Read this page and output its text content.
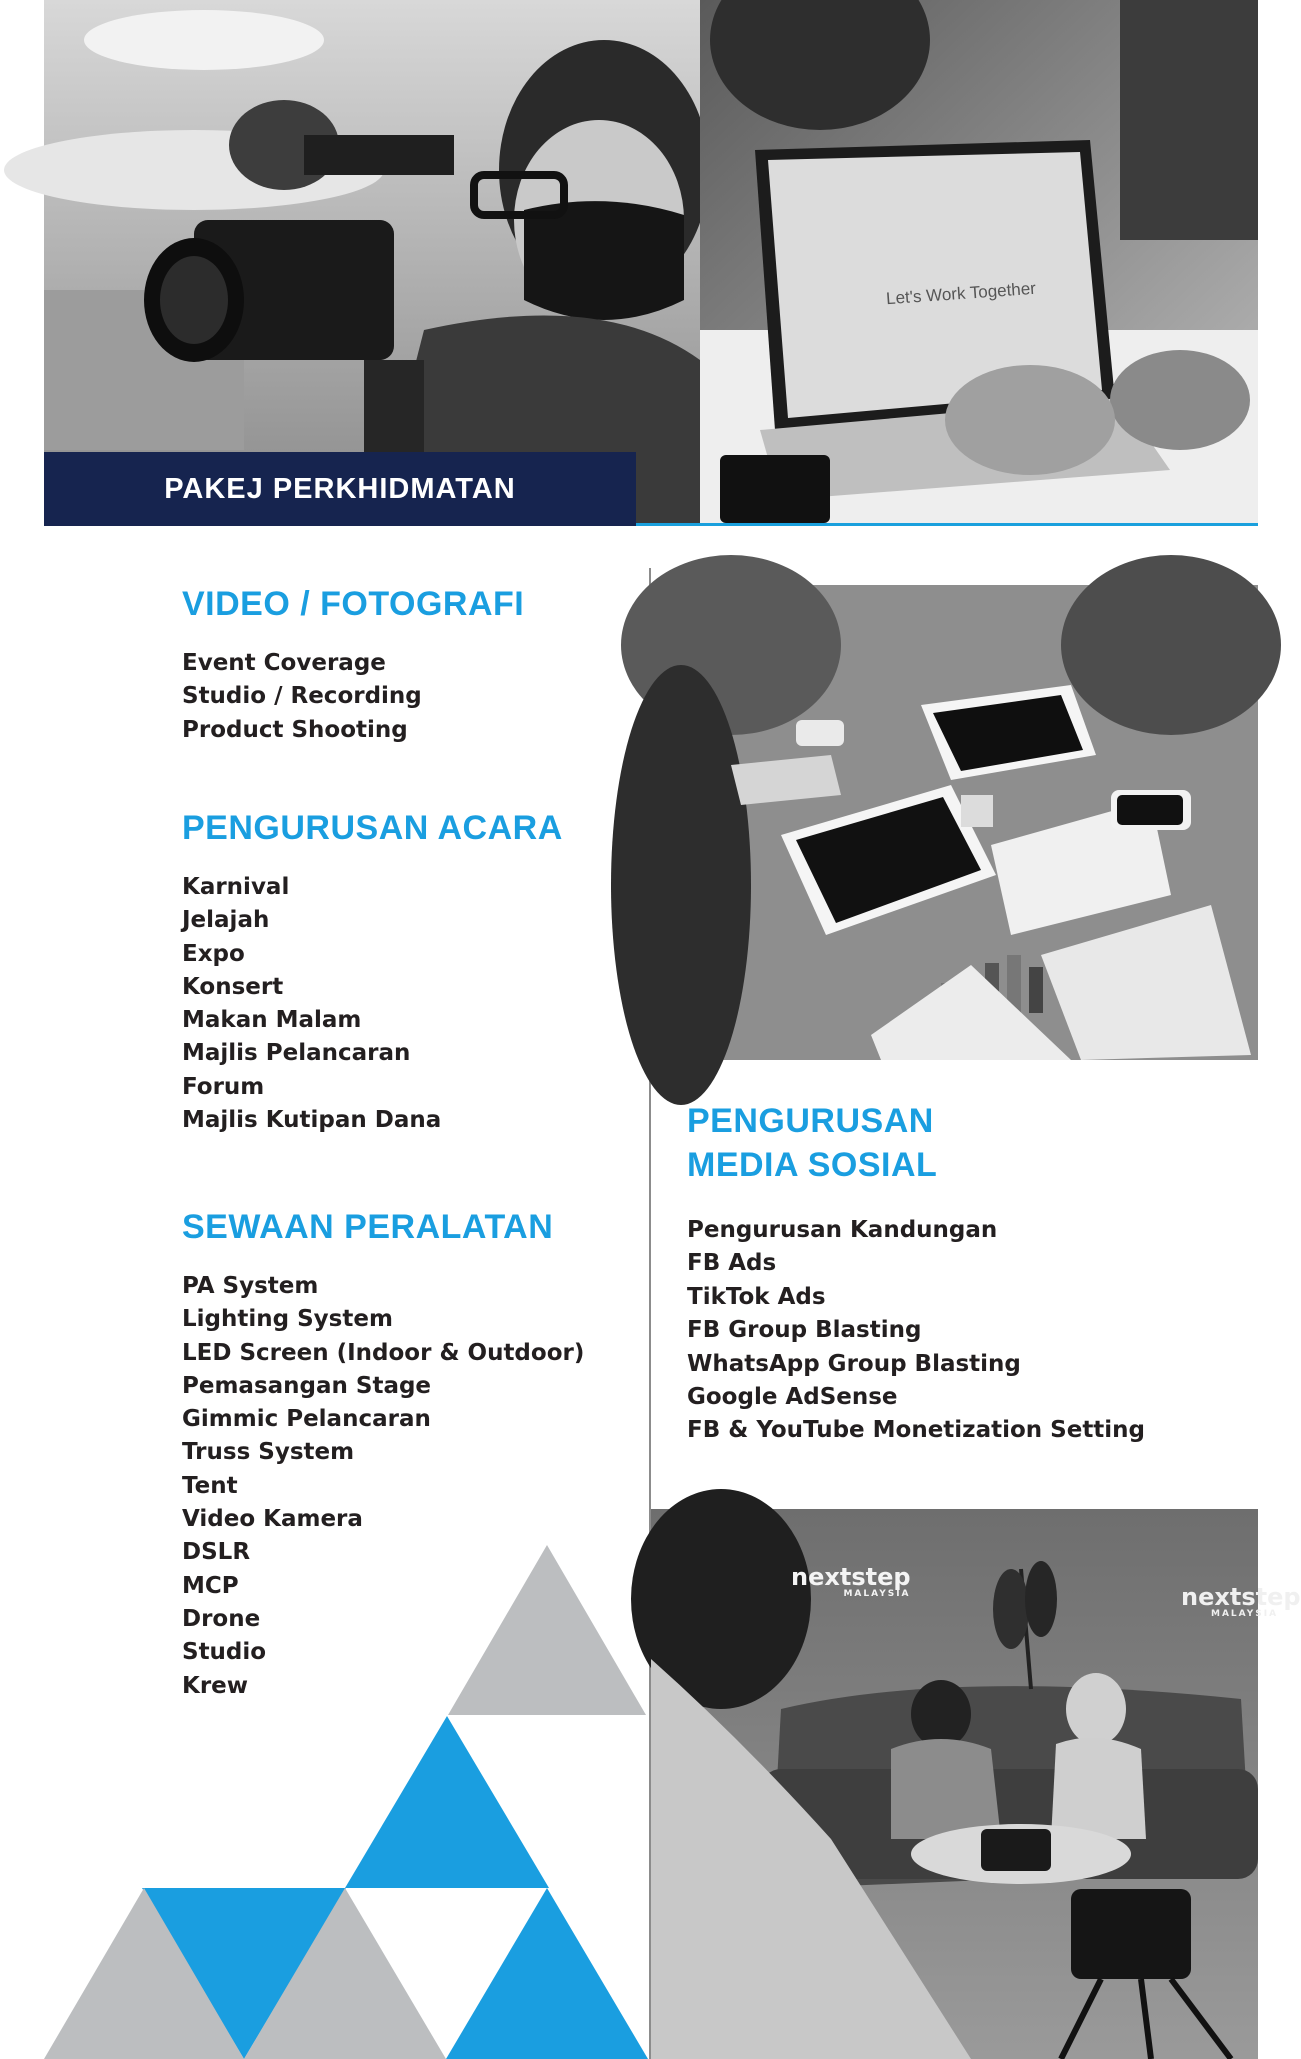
Let's Work Together
PAKEJ PERKHIDMATAN
VIDEO / FOTOGRAFI
Event Coverage
Studio / Recording
Product Shooting
PENGURUSAN ACARA
Karnival
Jelajah
Expo
Konsert
Makan Malam
Majlis Pelancaran
Forum
Majlis Kutipan Dana
SEWAAN PERALATAN
PA System
Lighting System
LED Screen (Indoor & Outdoor)
Pemasangan Stage
Gimmic Pelancaran
Truss System
Tent
Video Kamera
DSLR
MCP
Drone
Studio
Krew
PENGURUSAN
MEDIA SOSIAL
Pengurusan Kandungan
FB Ads
TikTok Ads
FB Group Blasting
WhatsApp Group Blasting
Google AdSense
FB & YouTube Monetization Setting
nextstep
MALAYSIA	nextstep
MALAYSIA
